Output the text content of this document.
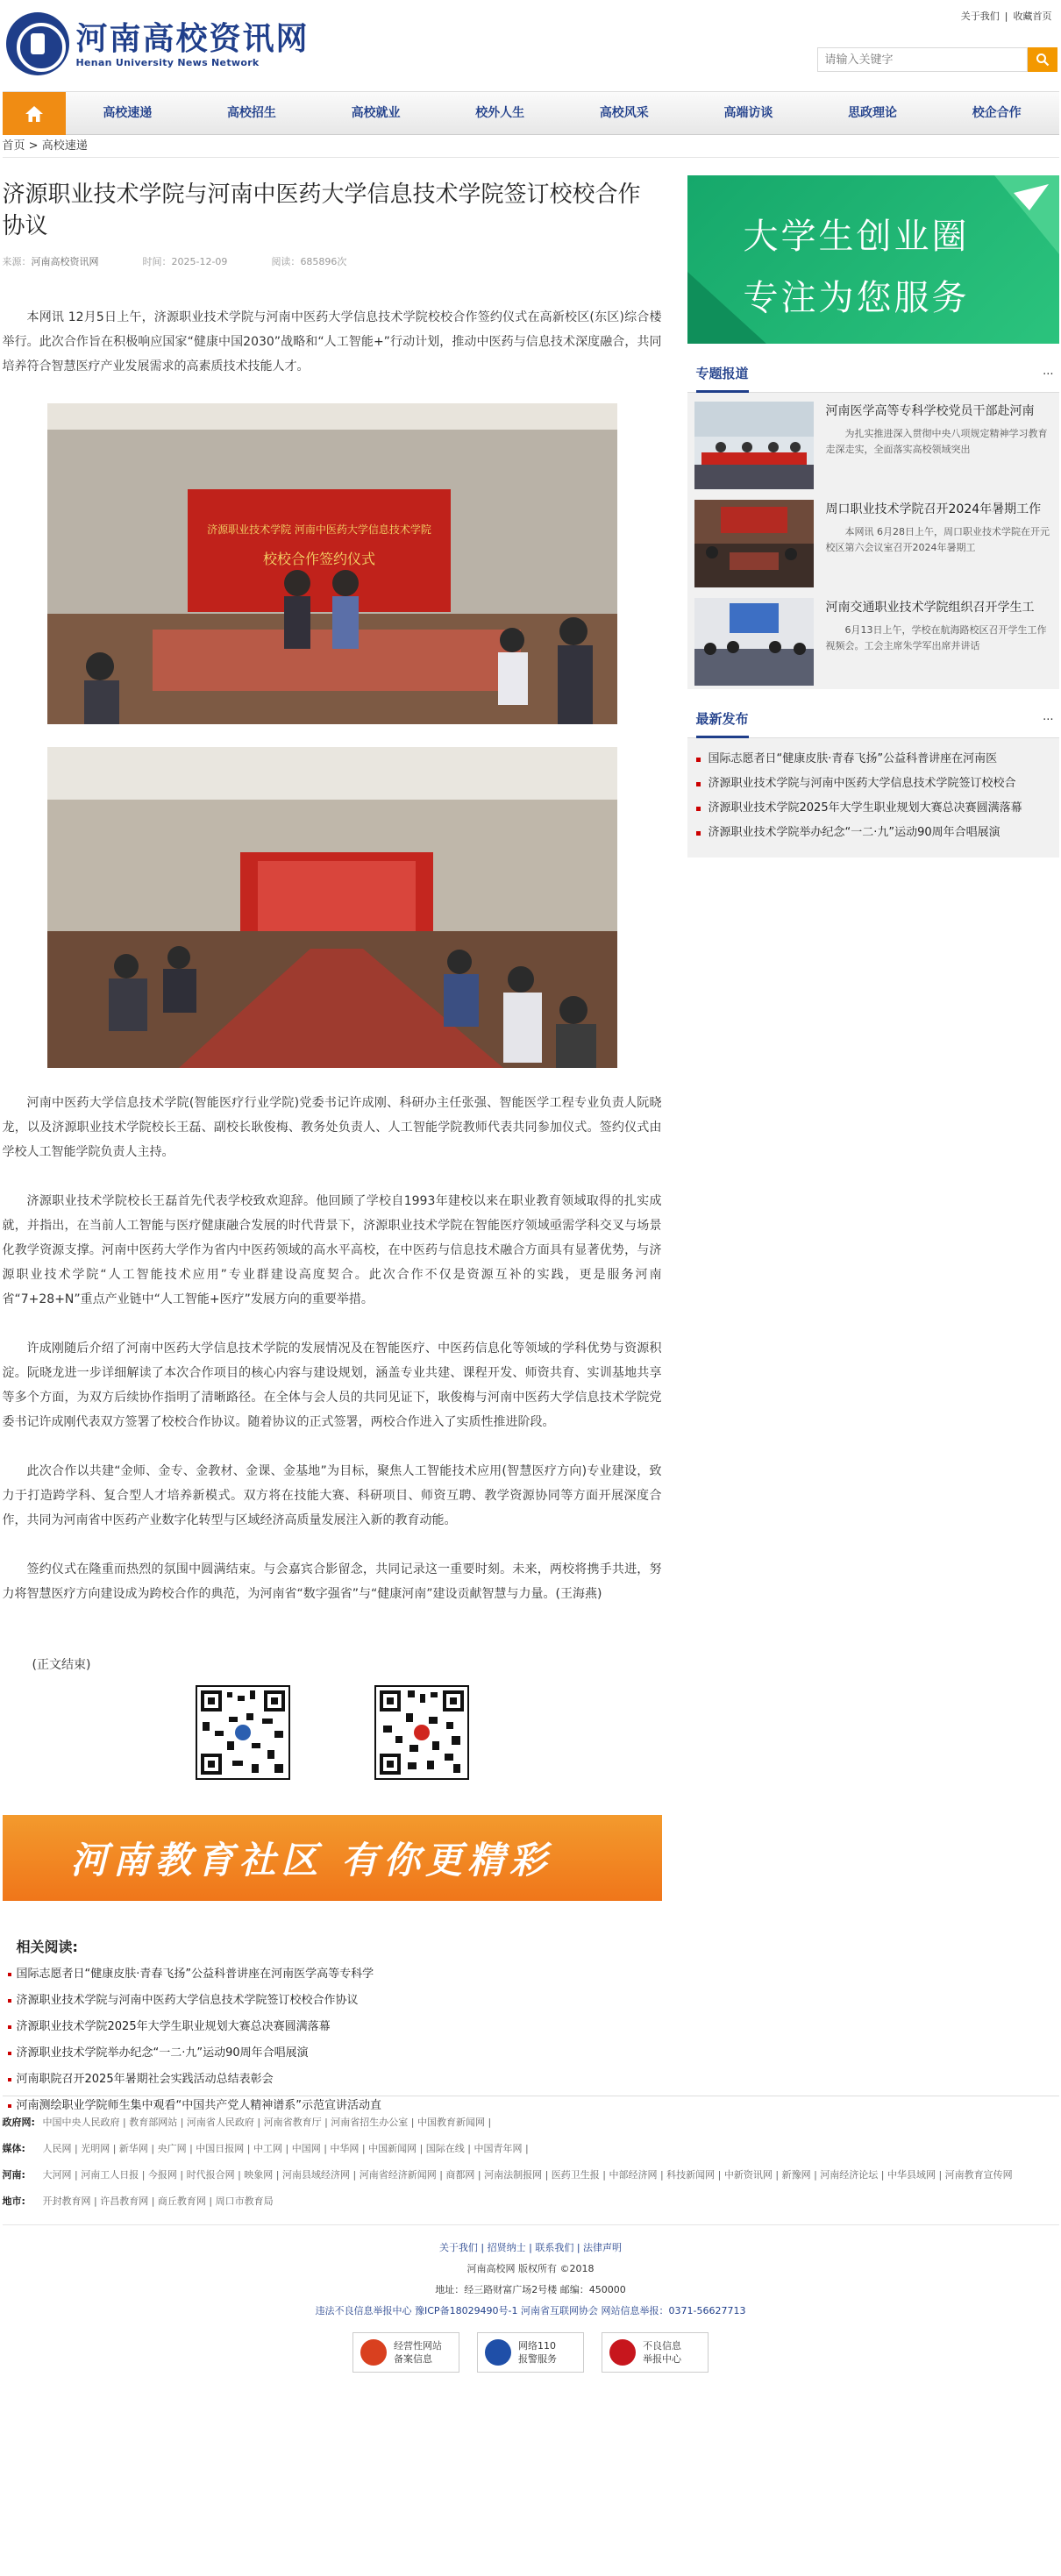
河南高校资讯网
Henan University News Network
关于我们 | 收藏首页
请输入关键字
高校速递	高校招生	高校就业	校外人生	高校风采	高端访谈	思政理论	校企合作
首页 > 高校速递
济源职业技术学院与河南中医药大学信息技术学院签订校校合作协议
来源：河南高校资讯网	时间：2025-12-09	阅读：685896次

本网讯 12月5日上午，济源职业技术学院与河南中医药大学信息技术学院校校合作签约仪式在高新校区(东区)综合楼举行。此次合作旨在积极响应国家“健康中国2030”战略和“人工智能+”行动计划，推动中医药与信息技术深度融合，共同培养符合智慧医疗产业发展需求的高素质技术技能人才。

济源职业技术学院 河南中医药大学信息技术学院
校校合作签约仪式

河南中医药大学信息技术学院(智能医疗行业学院)党委书记许成刚、科研办主任张强、智能医学工程专业负责人阮晓龙，以及济源职业技术学院校长王磊、副校长耿俊梅、教务处负责人、人工智能学院教师代表共同参加仪式。签约仪式由学校人工智能学院负责人主持。

济源职业技术学院校长王磊首先代表学校致欢迎辞。他回顾了学校自1993年建校以来在职业教育领域取得的扎实成就，并指出，在当前人工智能与医疗健康融合发展的时代背景下，济源职业技术学院在智能医疗领域亟需学科交叉与场景化教学资源支撑。河南中医药大学作为省内中医药领域的高水平高校，在中医药与信息技术融合方面具有显著优势，与济源职业技术学院“人工智能技术应用”专业群建设高度契合。此次合作不仅是资源互补的实践，更是服务河南省“7+28+N”重点产业链中“人工智能+医疗”发展方向的重要举措。

许成刚随后介绍了河南中医药大学信息技术学院的发展情况及在智能医疗、中医药信息化等领域的学科优势与资源积淀。阮晓龙进一步详细解读了本次合作项目的核心内容与建设规划，涵盖专业共建、课程开发、师资共育、实训基地共享等多个方面，为双方后续协作指明了清晰路径。在全体与会人员的共同见证下，耿俊梅与河南中医药大学信息技术学院党委书记许成刚代表双方签署了校校合作协议。随着协议的正式签署，两校合作进入了实质性推进阶段。

此次合作以共建“金师、金专、金教材、金课、金基地”为目标，聚焦人工智能技术应用(智慧医疗方向)专业建设，致力于打造跨学科、复合型人才培养新模式。双方将在技能大赛、科研项目、师资互聘、教学资源协同等方面开展深度合作，共同为河南省中医药产业数字化转型与区域经济高质量发展注入新的教育动能。

签约仪式在隆重而热烈的氛围中圆满结束。与会嘉宾合影留念，共同记录这一重要时刻。未来，两校将携手共进，努力将智慧医疗方向建设成为跨校合作的典范，为河南省“数字强省”与“健康河南”建设贡献智慧与力量。(王海燕)

(正文结束)

河南教育社区 有你更精彩
相关阅读:
国际志愿者日“健康皮肤·青春飞扬”公益科普讲座在河南医学高等专科学
济源职业技术学院与河南中医药大学信息技术学院签订校校合作协议
济源职业技术学院2025年大学生职业规划大赛总决赛圆满落幕
济源职业技术学院举办纪念“一二·九”运动90周年合唱展演
河南职院召开2025年暑期社会实践活动总结表彰会
河南测绘职业学院师生集中观看“中国共产党人精神谱系”示范宣讲活动直
大学生创业圈
专注为您服务
专题报道	···
河南医学高等专科学校党员干部赴河南
为扎实推进深入贯彻中央八项规定精神学习教育走深走实，全面落实高校领域突出
周口职业技术学院召开2024年暑期工作
本网讯 6月28日上午，周口职业技术学院在开元校区第六会议室召开2024年暑期工
河南交通职业技术学院组织召开学生工
6月13日上午，学校在航海路校区召开学生工作视频会。工会主席朱学军出席并讲话
最新发布	···
国际志愿者日“健康皮肤·青春飞扬”公益科普讲座在河南医
济源职业技术学院与河南中医药大学信息技术学院签订校校合
济源职业技术学院2025年大学生职业规划大赛总决赛圆满落幕
济源职业技术学院举办纪念“一二·九”运动90周年合唱展演
政府网: 中国中央人民政府 | 教育部网站 | 河南省人民政府 | 河南省教育厅 | 河南省招生办公室 | 中国教育新闻网 |
媒体:	人民网 | 光明网 | 新华网 | 央广网 | 中国日报网 | 中工网 | 中国网 | 中华网 | 中国新闻网 | 国际在线 | 中国青年网 |
河南:	大河网 | 河南工人日报 | 今报网 | 时代报合网 | 映象网 | 河南县域经济网 | 河南省经济新闻网 | 商都网 | 河南法制报网 | 医药卫生报 | 中部经济网 | 科技新闻网 | 中新资讯网 | 新豫网 | 河南经济论坛 | 中华县域网 | 河南教育宣传网
地市:	开封教育网 | 许昌教育网 | 商丘教育网 | 周口市教育局
关于我们 | 招贤纳士 | 联系我们 | 法律声明
河南高校网 版权所有 ©2018
地址：经三路财富广场2号楼 邮编：450000
违法不良信息举报中心 豫ICP备18029490号-1 河南省互联网协会 网站信息举报：0371-56627713
经营性网站
备案信息
网络110
报警服务
不良信息
举报中心
